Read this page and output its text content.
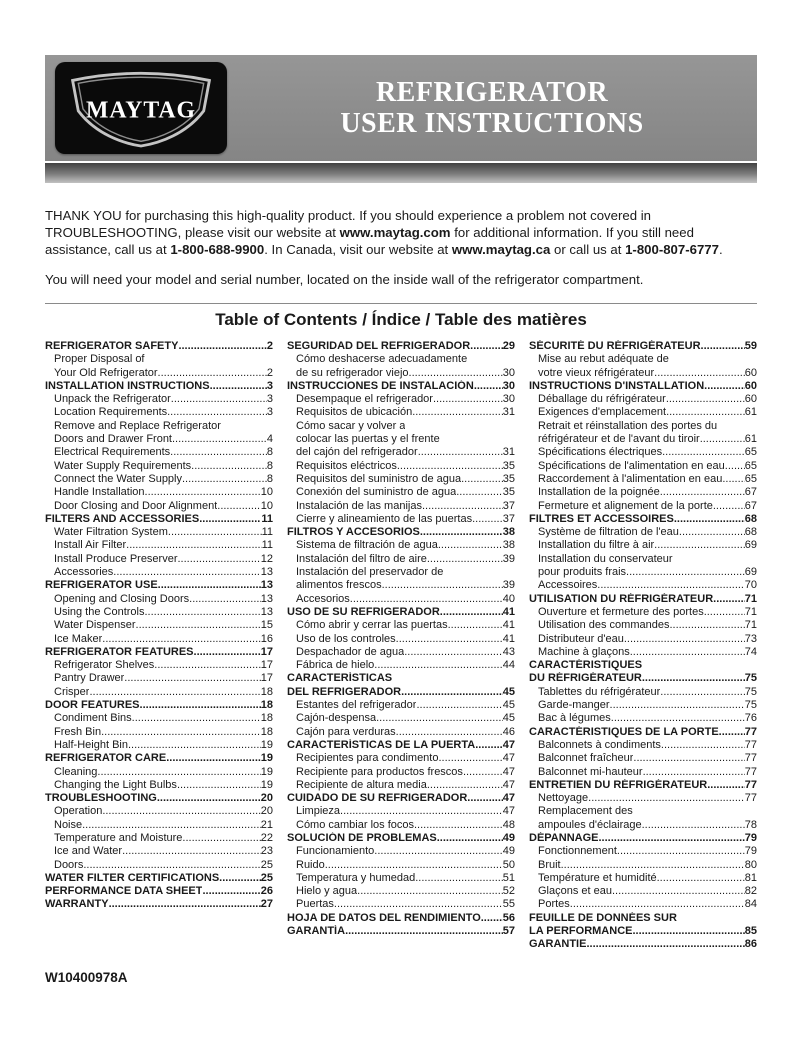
MAYTAG
REFRIGERATOR
USER INSTRUCTIONS

THANK YOU for purchasing this high-quality product. If you should experience a problem not covered in TROUBLESHOOTING, please visit our website at www.maytag.com for additional information. If you still need assistance, call us at 1-800-688-9900. In Canada, visit our website at www.maytag.ca or call us at 1-800-807-6777.

You will need your model and serial number, located on the inside wall of the refrigerator compartment.

Table of Contents / Índice / Table des matières
REFRIGERATOR SAFETY .....	2
Proper Disposal of
Your Old Refrigerator .....	2
INSTALLATION INSTRUCTIONS .....	3
Unpack the Refrigerator .....	3
Location Requirements .....	3
Remove and Replace Refrigerator
Doors and Drawer Front .....	4
Electrical Requirements .....	8
Water Supply Requirements .....	8
Connect the Water Supply .....	8
Handle Installation .....	10
Door Closing and Door Alignment .....	10
FILTERS AND ACCESSORIES .....	11
Water Filtration System .....	11
Install Air Filter .....	11
Install Produce Preserver .....	12
Accessories .....	13
REFRIGERATOR USE .....	13
Opening and Closing Doors .....	13
Using the Controls .....	13
Water Dispenser .....	15
Ice Maker .....	16
REFRIGERATOR FEATURES .....	17
Refrigerator Shelves .....	17
Pantry Drawer .....	17
Crisper .....	18
DOOR FEATURES .....	18
Condiment Bins .....	18
Fresh Bin .....	18
Half-Height Bin .....	19
REFRIGERATOR CARE .....	19
Cleaning .....	19
Changing the Light Bulbs .....	19
TROUBLESHOOTING .....	20
Operation .....	20
Noise .....	21
Temperature and Moisture .....	22
Ice and Water .....	23
Doors .....	25
WATER FILTER CERTIFICATIONS .....	25
PERFORMANCE DATA SHEET .....	26
WARRANTY .....	27
SEGURIDAD DEL REFRIGERADOR .....	29
Cómo deshacerse adecuadamente
de su refrigerador viejo .....	30
INSTRUCCIONES DE INSTALACIÓN .....	30
Desempaque el refrigerador .....	30
Requisitos de ubicación .....	31
Cómo sacar y volver a
colocar las puertas y el frente
del cajón del refrigerador .....	31
Requisitos eléctricos .....	35
Requisitos del suministro de agua .....	35
Conexión del suministro de agua .....	35
Instalación de las manijas .....	37
Cierre y alineamiento de las puertas .....	37
FILTROS Y ACCESORIOS .....	38
Sistema de filtración de agua .....	38
Instalación del filtro de aire .....	39
Instalación del preservador de
alimentos frescos .....	39
Accesorios .....	40
USO DE SU REFRIGERADOR .....	41
Cómo abrir y cerrar las puertas .....	41
Uso de los controles .....	41
Despachador de agua .....	43
Fábrica de hielo .....	44
CARACTERÍSTICAS
DEL REFRIGERADOR .....	45
Estantes del refrigerador .....	45
Cajón-despensa .....	45
Cajón para verduras .....	46
CARACTERÍSTICAS DE LA PUERTA .....	47
Recipientes para condimento .....	47
Recipiente para productos frescos .....	47
Recipiente de altura media .....	47
CUIDADO DE SU REFRIGERADOR .....	47
Limpieza .....	47
Cómo cambiar los focos .....	48
SOLUCIÓN DE PROBLEMAS .....	49
Funcionamiento .....	49
Ruido .....	50
Temperatura y humedad .....	51
Hielo y agua .....	52
Puertas .....	55
HOJA DE DATOS DEL RENDIMIENTO ..... 56
GARANTÍA .....	57
SÉCURITÉ DU RÉFRIGÉRATEUR .....	59
Mise au rebut adéquate de
votre vieux réfrigérateur .....	60
INSTRUCTIONS D'INSTALLATION .....	60
Déballage du réfrigérateur .....	60
Exigences d'emplacement .....	61
Retrait et réinstallation des portes du
réfrigérateur et de l'avant du tiroir .....	61
Spécifications électriques .....	65
Spécifications de l'alimentation en eau ..... 65
Raccordement à l'alimentation en eau ..... 65
Installation de la poignée .....	67
Fermeture et alignement de la porte .....	67
FILTRES ET ACCESSOIRES .....	68
Système de filtration de l'eau .....	68
Installation du filtre à air .....	69
Installation du conservateur
pour produits frais .....	69
Accessoires .....	70
UTILISATION DU RÉFRIGÉRATEUR .....	71
Ouverture et fermeture des portes .....	71
Utilisation des commandes .....	71
Distributeur d'eau .....	73
Machine à glaçons .....	74
CARACTÉRISTIQUES
DU RÉFRIGÉRATEUR .....	75
Tablettes du réfrigérateur .....	75
Garde-manger .....	75
Bac à légumes .....	76
CARACTÉRISTIQUES DE LA PORTE ..... 77
Balconnets à condiments .....	77
Balconnet fraîcheur .....	77
Balconnet mi-hauteur .....	77
ENTRETIEN DU RÉFRIGÉRATEUR .....	77
Nettoyage .....	77
Remplacement des
ampoules d'éclairage .....	78
DÉPANNAGE .....	79
Fonctionnement .....	79
Bruit .....	80
Température et humidité .....	81
Glaçons et eau .....	82
Portes .....	84
FEUILLE DE DONNÉES SUR
LA PERFORMANCE .....	85
GARANTIE .....	86
W10400978A
